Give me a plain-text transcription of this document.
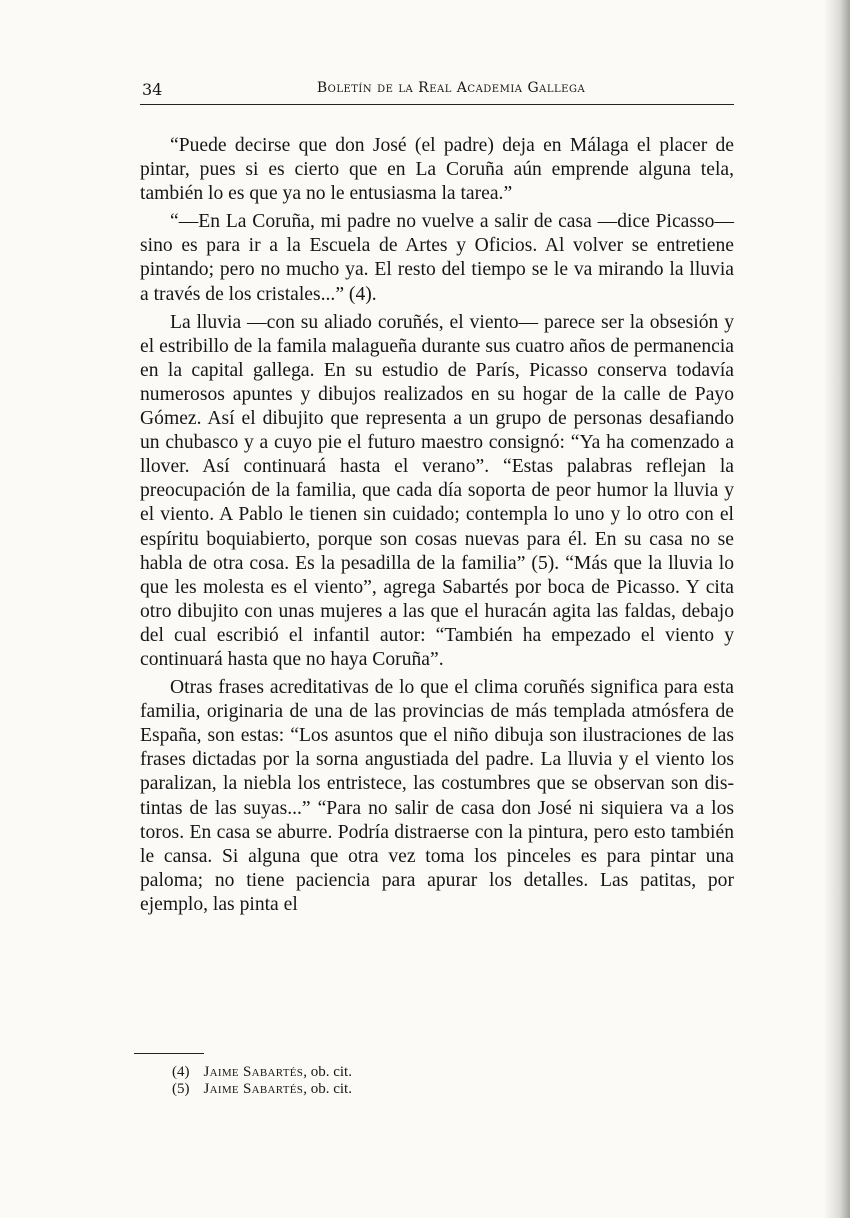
34	Boletín de la Real Academia Gallega

“Puede decirse que don José (el padre) deja en Málaga el placer de pintar, pues si es cierto que en La Coruña aún emprende alguna tela, también lo es que ya no le entusiasma la tarea.”

“—En La Coruña, mi padre no vuelve a salir de casa —dice Picasso— sino es para ir a la Escuela de Artes y Oficios. Al volver se entretiene pintando; pero no mucho ya. El resto del tiempo se le va mirando la lluvia a través de los cristales...” (4).

La lluvia —con su aliado coruñés, el viento— parece ser la obsesión y el estribillo de la famila malagueña durante sus cuatro años de permanencia en la capital gallega. En su estudio de París, Picasso conserva todavía numerosos apuntes y dibujos realizados en su hogar de la calle de Payo Gómez. Así el dibujito que representa a un grupo de personas desafiando un chubasco y a cuyo pie el futuro maestro consignó: “Ya ha comenzado a llover. Así continuará hasta el verano”. “Estas palabras reflejan la preocupación de la familia, que cada día soporta de peor humor la lluvia y el viento. A Pablo le tienen sin cuidado; contempla lo uno y lo otro con el espíritu boquiabierto, porque son cosas nuevas para él. En su casa no se habla de otra cosa. Es la pesadilla de la familia” (5). “Más que la lluvia lo que les molesta es el viento”, agrega Sabartés por boca de Picasso. Y cita otro dibujito con unas mujeres a las que el huracán agita las faldas, debajo del cual escribió el infantil autor: “También ha empezado el viento y continuará hasta que no haya Coruña”.

Otras frases acreditativas de lo que el clima coruñés significa para esta familia, originaria de una de las provincias de más templada atmósfera de España, son estas: “Los asuntos que el niño dibuja son ilustraciones de las frases dictadas por la sorna angustiada del padre. La lluvia y el viento los paralizan, la niebla los entristece, las costumbres que se observan son distintas de las suyas...” “Para no salir de casa don José ni siquiera va a los toros. En casa se aburre. Podría distraerse con la pintura, pero esto también le cansa. Si alguna que otra vez toma los pinceles es para pintar una paloma; no tiene paciencia para apurar los detalles. Las patitas, por ejemplo, las pinta el

(4) Jaime Sabartés, ob. cit.
(5) Jaime Sabartés, ob. cit.
